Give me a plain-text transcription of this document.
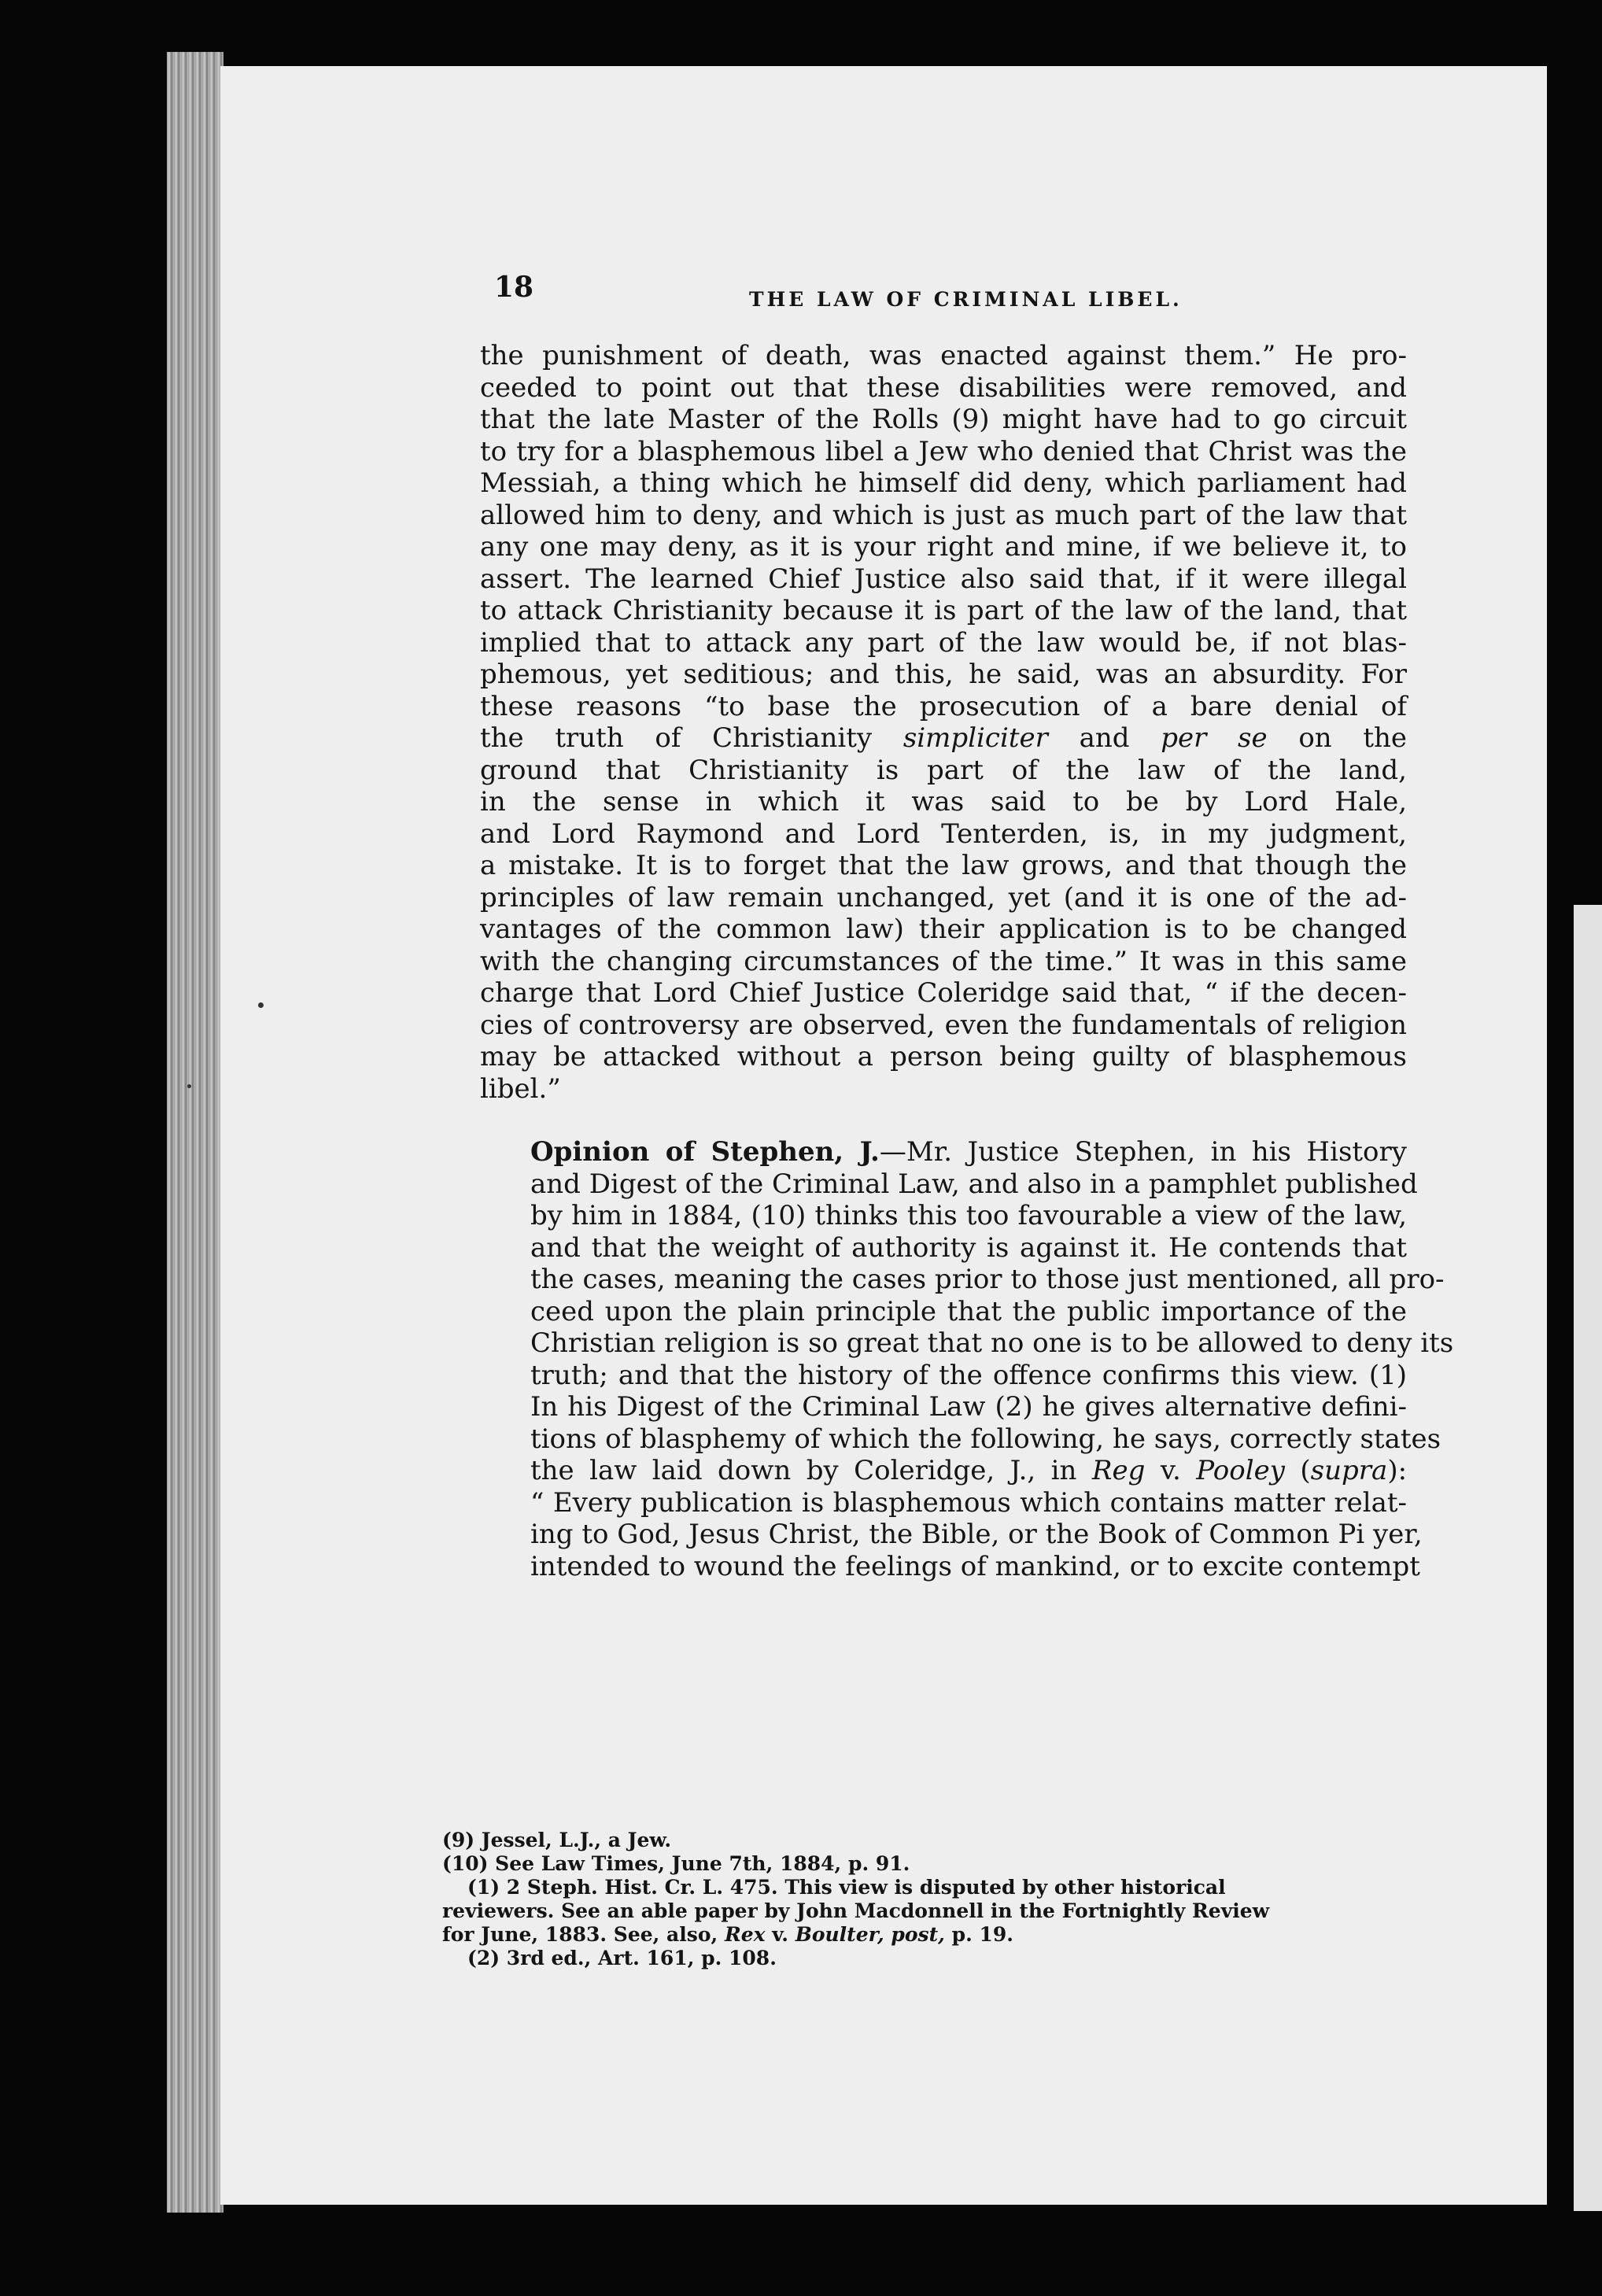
18	THE LAW OF CRIMINAL LIBEL.

the punishment of death, was enacted against them.” He pro-
ceeded to point out that these disabilities were removed, and
that the late Master of the Rolls (9) might have had to go circuit
to try for a blasphemous libel a Jew who denied that Christ was the
Messiah, a thing which he himself did deny, which parliament had
allowed him to deny, and which is just as much part of the law that
any one may deny, as it is your right and mine, if we believe it, to
assert. The learned Chief Justice also said that, if it were illegal
to attack Christianity because it is part of the law of the land, that
implied that to attack any part of the law would be, if not blas-
phemous, yet seditious; and this, he said, was an absurdity. For
these reasons “to base the prosecution of a bare denial of
the truth of Christianity simpliciter and per se on the
ground that Christianity is part of the law of the land,
in the sense in which it was said to be by Lord Hale,
and Lord Raymond and Lord Tenterden, is, in my judgment,
a mistake. It is to forget that the law grows, and that though the
principles of law remain unchanged, yet (and it is one of the ad-
vantages of the common law) their application is to be changed
with the changing circumstances of the time.” It was in this same
charge that Lord Chief Justice Coleridge said that, “ if the decen-
cies of controversy are observed, even the fundamentals of religion
may be attacked without a person being guilty of blasphemous
libel.”

Opinion of Stephen, J.—Mr. Justice Stephen, in his History
and Digest of the Criminal Law, and also in a pamphlet published
by him in 1884, (10) thinks this too favourable a view of the law,
and that the weight of authority is against it. He contends that
the cases, meaning the cases prior to those just mentioned, all pro-
ceed upon the plain principle that the public importance of the
Christian religion is so great that no one is to be allowed to deny its
truth; and that the history of the offence confirms this view. (1)
In his Digest of the Criminal Law (2) he gives alternative defini-
tions of blasphemy of which the following, he says, correctly states
the law laid down by Coleridge, J., in Reg v. Pooley (supra):
“ Every publication is blasphemous which contains matter relat-
ing to God, Jesus Christ, the Bible, or the Book of Common Pi yer,
intended to wound the feelings of mankind, or to excite contempt

(9) Jessel, L.J., a Jew.
(10) See Law Times, June 7th, 1884, p. 91.
(1) 2 Steph. Hist. Cr. L. 475. This view is disputed by other historical
reviewers. See an able paper by John Macdonnell in the Fortnightly Review
for June, 1883. See, also, Rex v. Boulter, post, p. 19.
(2) 3rd ed., Art. 161, p. 108.
